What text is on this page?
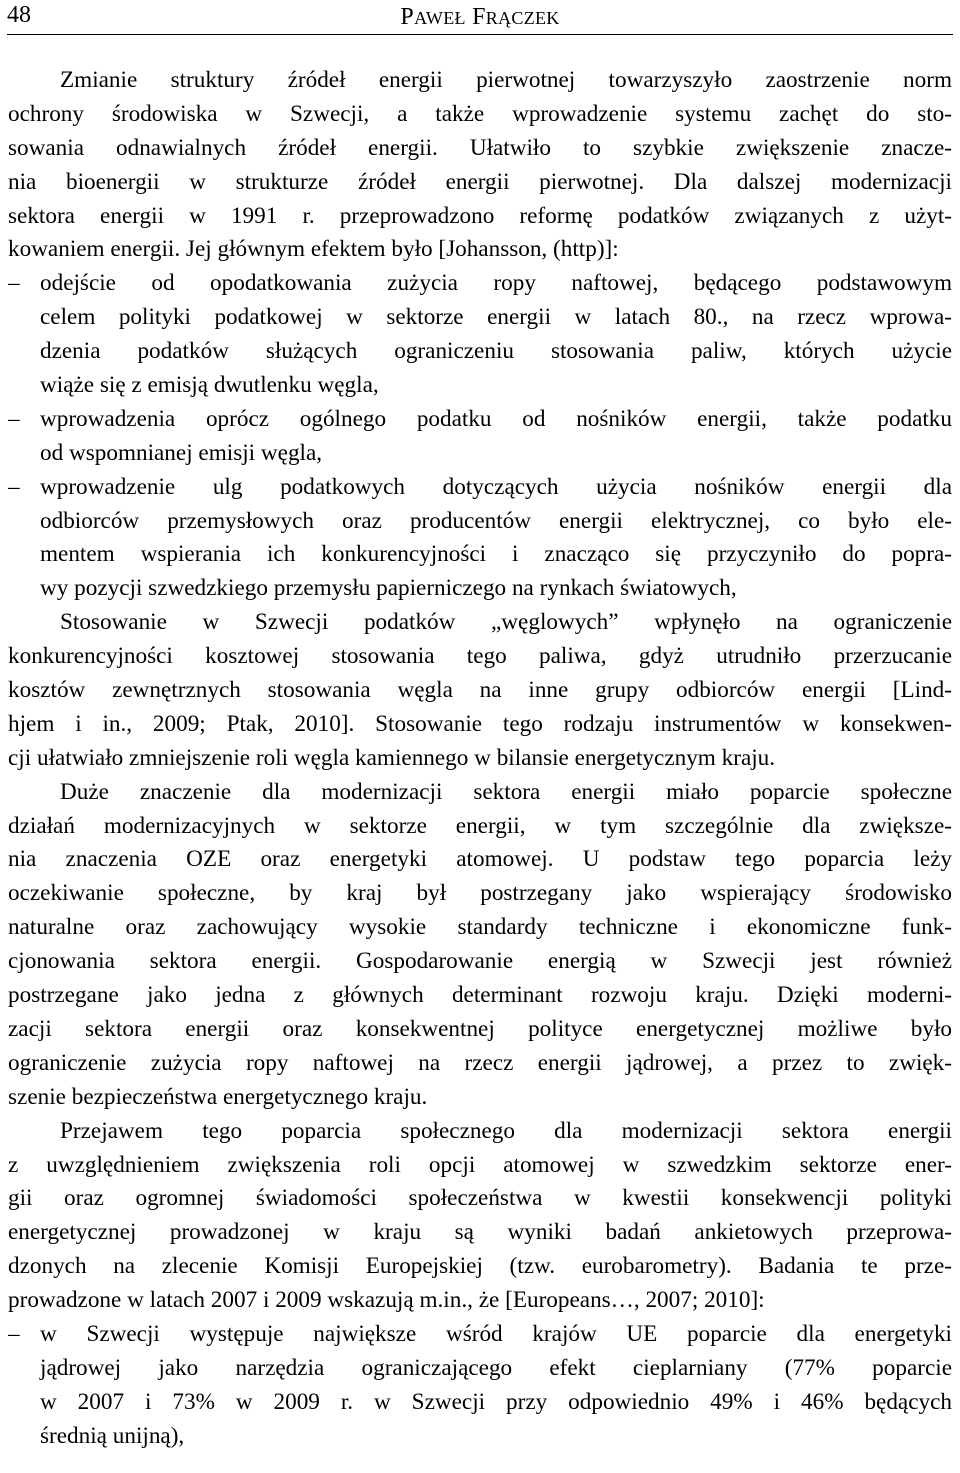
48	PAWEŁ FRĄCZEK
Zmianie struktury źródeł energii pierwotnej towarzyszyło zaostrzenie norm
ochrony środowiska w Szwecji, a także wprowadzenie systemu zachęt do sto-
sowania odnawialnych źródeł energii. Ułatwiło to szybkie zwiększenie znacze-
nia bioenergii w strukturze źródeł energii pierwotnej. Dla dalszej modernizacji
sektora energii w 1991 r. przeprowadzono reformę podatków związanych z użyt-
kowaniem energii. Jej głównym efektem było [Johansson, (http)]:
– odejście od opodatkowania zużycia ropy naftowej, będącego podstawowym
celem polityki podatkowej w sektorze energii w latach 80., na rzecz wprowa-
dzenia podatków służących ograniczeniu stosowania paliw, których użycie
wiąże się z emisją dwutlenku węgla,
– wprowadzenia oprócz ogólnego podatku od nośników energii, także podatku
od wspomnianej emisji węgla,
– wprowadzenie ulg podatkowych dotyczących użycia nośników energii dla
odbiorców przemysłowych oraz producentów energii elektrycznej, co było ele-
mentem wspierania ich konkurencyjności i znacząco się przyczyniło do popra-
wy pozycji szwedzkiego przemysłu papierniczego na rynkach światowych,
Stosowanie w Szwecji podatków „węglowych” wpłynęło na ograniczenie
konkurencyjności kosztowej stosowania tego paliwa, gdyż utrudniło przerzucanie
kosztów zewnętrznych stosowania węgla na inne grupy odbiorców energii [Lind-
hjem i in., 2009; Ptak, 2010]. Stosowanie tego rodzaju instrumentów w konsekwen-
cji ułatwiało zmniejszenie roli węgla kamiennego w bilansie energetycznym kraju.
Duże znaczenie dla modernizacji sektora energii miało poparcie społeczne
działań modernizacyjnych w sektorze energii, w tym szczególnie dla zwiększe-
nia znaczenia OZE oraz energetyki atomowej. U podstaw tego poparcia leży
oczekiwanie społeczne, by kraj był postrzegany jako wspierający środowisko
naturalne oraz zachowujący wysokie standardy techniczne i ekonomiczne funk-
cjonowania sektora energii. Gospodarowanie energią w Szwecji jest również
postrzegane jako jedna z głównych determinant rozwoju kraju. Dzięki moderni-
zacji sektora energii oraz konsekwentnej polityce energetycznej możliwe było
ograniczenie zużycia ropy naftowej na rzecz energii jądrowej, a przez to zwięk-
szenie bezpieczeństwa energetycznego kraju.
Przejawem tego poparcia społecznego dla modernizacji sektora energii
z uwzględnieniem zwiększenia roli opcji atomowej w szwedzkim sektorze ener-
gii oraz ogromnej świadomości społeczeństwa w kwestii konsekwencji polityki
energetycznej prowadzonej w kraju są wyniki badań ankietowych przeprowa-
dzonych na zlecenie Komisji Europejskiej (tzw. eurobarometry). Badania te prze-
prowadzone w latach 2007 i 2009 wskazują m.in., że [Europeans…, 2007; 2010]:
– w Szwecji występuje największe wśród krajów UE poparcie dla energetyki
jądrowej jako narzędzia ograniczającego efekt cieplarniany (77% poparcie
w 2007 i 73% w 2009 r. w Szwecji przy odpowiednio 49% i 46% będących
średnią unijną),
